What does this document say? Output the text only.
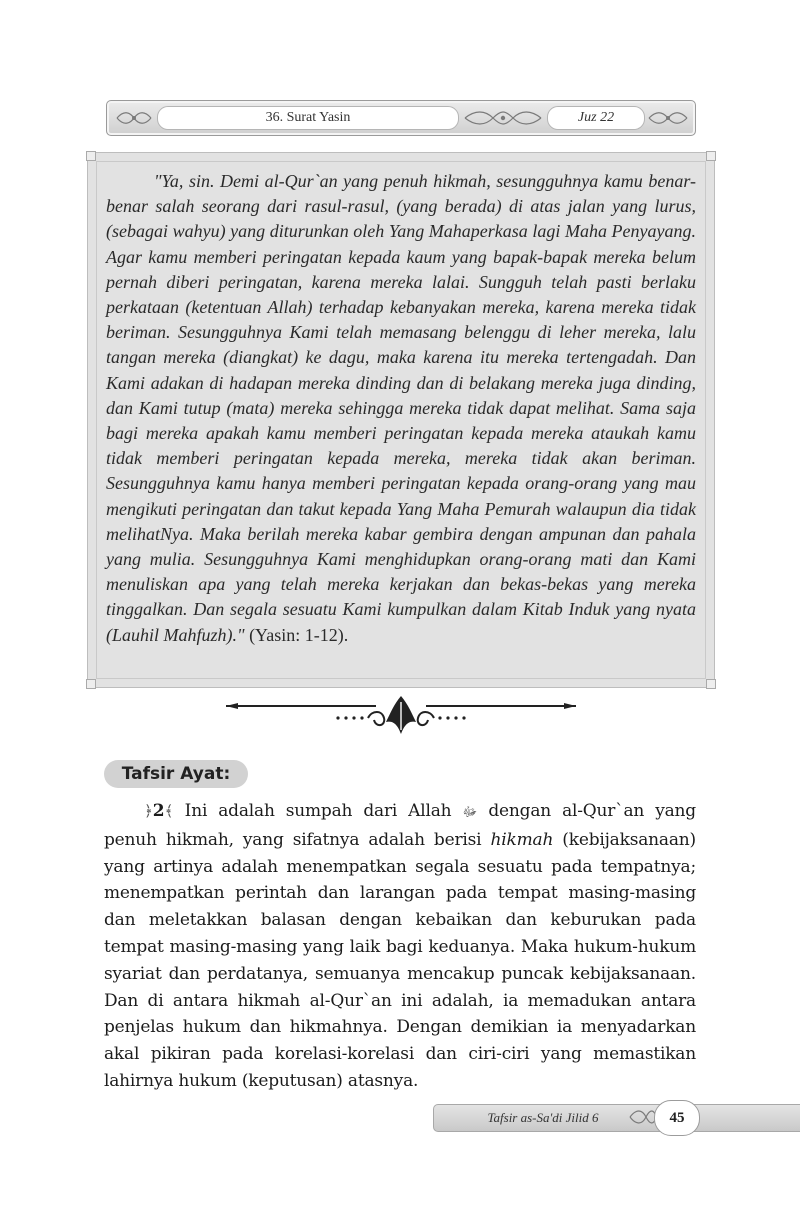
36. Surat Yasin	Juz 22

"Ya, sin. Demi al-Qur`an yang penuh hikmah, sesungguhnya kamu benar-benar salah seorang dari rasul-rasul, (yang berada) di atas jalan yang lurus, (sebagai wahyu) yang diturunkan oleh Yang Mahaperkasa lagi Maha Penyayang. Agar kamu memberi peringatan kepada kaum yang bapak-bapak mereka belum pernah diberi peringatan, karena mereka lalai. Sungguh telah pasti berlaku perkataan (ketentuan Allah) terhadap kebanyakan mereka, karena mereka tidak beriman. Sesungguhnya Kami telah memasang belenggu di leher mereka, lalu tangan mereka (diangkat) ke dagu, maka karena itu mereka tertengadah. Dan Kami adakan di hadapan mereka dinding dan di belakang mereka juga dinding, dan Kami tutup (mata) mereka sehingga mereka tidak dapat melihat. Sama saja bagi mereka apakah kamu memberi peringatan kepada mereka ataukah kamu tidak memberi peringatan kepada mereka, mereka tidak akan beriman. Sesungguhnya kamu hanya memberi peringatan kepada orang-orang yang mau mengikuti peringatan dan takut kepada Yang Maha Pemurah walaupun dia tidak melihatNya. Maka berilah mereka kabar gembira dengan ampunan dan pahala yang mulia. Sesungguhnya Kami menghidupkan orang-orang mati dan Kami menuliskan apa yang telah mereka kerjakan dan bekas-bekas yang mereka tinggalkan. Dan segala sesuatu Kami kumpulkan dalam Kitab Induk yang nyata (Lauhil Mahfuzh)." (Yasin: 1-12).

Tafsir Ayat:

﴿2﴾ Ini adalah sumpah dari Allah ﷻ dengan al-Qur`an yang penuh hikmah, yang sifatnya adalah berisi hikmah (kebijaksanaan) yang artinya adalah menempatkan segala sesuatu pada tempatnya; menempatkan perintah dan larangan pada tempat masing-masing dan meletakkan balasan dengan kebaikan dan keburukan pada tempat masing-masing yang laik bagi keduanya. Maka hukum-hukum syariat dan perdatanya, semuanya mencakup puncak kebijaksanaan. Dan di antara hikmah al-Qur`an ini adalah, ia memadukan antara penjelas hukum dan hikmahnya. Dengan demikian ia menyadarkan akal pikiran pada korelasi-korelasi dan ciri-ciri yang memastikan lahirnya hukum (keputusan) atasnya.

Tafsir as-Sa'di Jilid 6	45
